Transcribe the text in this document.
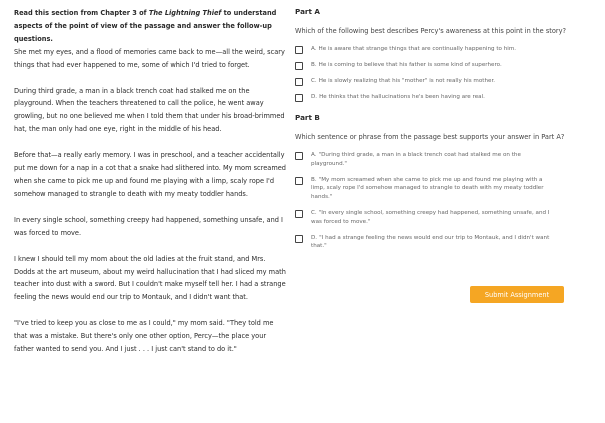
Read this section from Chapter 3 of The Lightning Thief to understand aspects of the point of view of the passage and answer the follow-up questions.

She met my eyes, and a flood of memories came back to me—all the weird, scary things that had ever happened to me, some of which I'd tried to forget.

During third grade, a man in a black trench coat had stalked me on the playground. When the teachers threatened to call the police, he went away growling, but no one believed me when I told them that under his broad-brimmed hat, the man only had one eye, right in the middle of his head.

Before that—a really early memory. I was in preschool, and a teacher accidentally put me down for a nap in a cot that a snake had slithered into. My mom screamed when she came to pick me up and found me playing with a limp, scaly rope I'd somehow managed to strangle to death with my meaty toddler hands.

In every single school, something creepy had happened, something unsafe, and I was forced to move.

I knew I should tell my mom about the old ladies at the fruit stand, and Mrs. Dodds at the art museum, about my weird hallucination that I had sliced my math teacher into dust with a sword. But I couldn't make myself tell her. I had a strange feeling the news would end our trip to Montauk, and I didn't want that.

"I've tried to keep you as close to me as I could," my mom said. "They told me that was a mistake. But there's only one other option, Percy—the place your father wanted to send you. And I just . . . I just can't stand to do it."

Part A
Which of the following best describes Percy's awareness at this point in the story?
A. He is aware that strange things that are continually happening to him.
B. He is coming to believe that his father is some kind of superhero.
C. He is slowly realizing that his "mother" is not really his mother.
D. He thinks that the hallucinations he's been having are real.
Part B
Which sentence or phrase from the passage best supports your answer in Part A?
A. "During third grade, a man in a black trench coat had stalked me on the playground."
B. "My mom screamed when she came to pick me up and found me playing with a limp, scaly rope I'd somehow managed to strangle to death with my meaty toddler hands."
C. "In every single school, something creepy had happened, something unsafe, and I was forced to move."
D. "I had a strange feeling the news would end our trip to Montauk, and I didn't want that."
Submit Assignment
